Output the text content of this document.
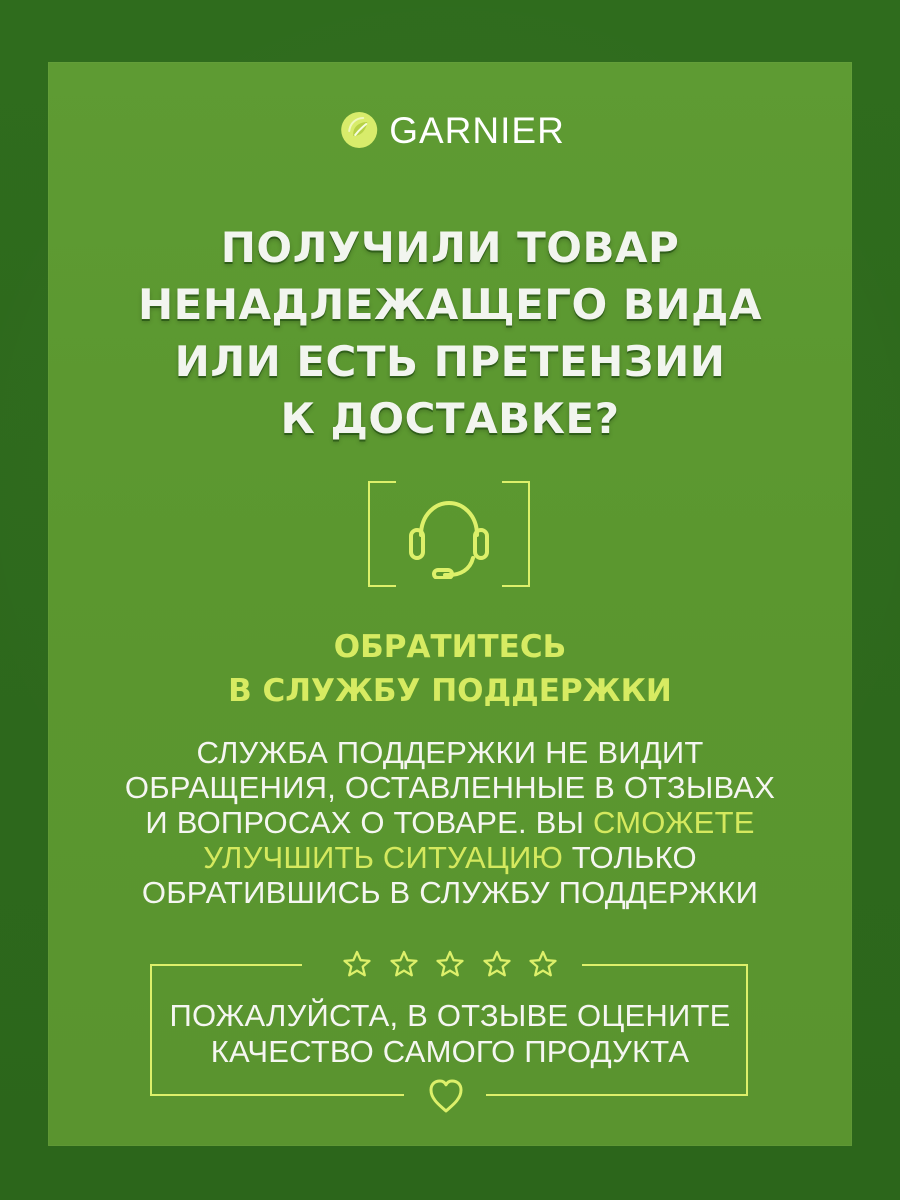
GARNIER
ПОЛУЧИЛИ ТОВАР
НЕНАДЛЕЖАЩЕГО ВИДА
ИЛИ ЕСТЬ ПРЕТЕНЗИИ
К ДОСТАВКЕ?
ОБРАТИТЕСЬ
В СЛУЖБУ ПОДДЕРЖКИ
СЛУЖБА ПОДДЕРЖКИ НЕ ВИДИТ
ОБРАЩЕНИЯ, ОСТАВЛЕННЫЕ В ОТЗЫВАХ
И ВОПРОСАХ О ТОВАРЕ. ВЫ СМОЖЕТЕ
УЛУЧШИТЬ СИТУАЦИЮ ТОЛЬКО
ОБРАТИВШИСЬ В СЛУЖБУ ПОДДЕРЖКИ
ПОЖАЛУЙСТА, В ОТЗЫВЕ ОЦЕНИТЕ
КАЧЕСТВО САМОГО ПРОДУКТА
